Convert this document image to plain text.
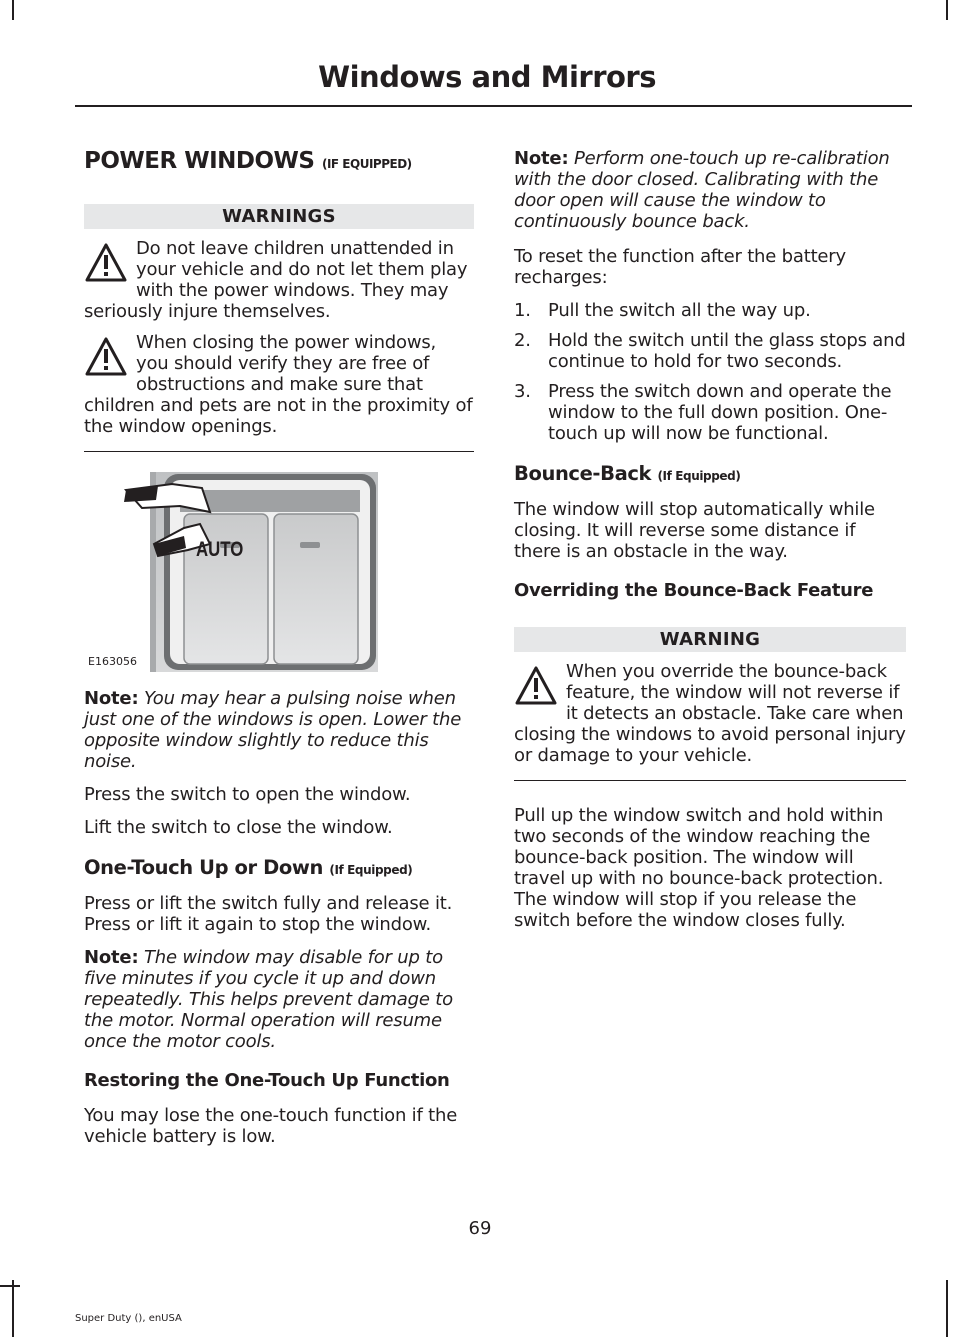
Windows and Mirrors
POWER WINDOWS (IF EQUIPPED)
WARNINGS

Do not leave children unattended in your vehicle and do not let them play with the power windows. They may seriously injure themselves.

When closing the power windows, you should verify they are free of obstructions and make sure that children and pets are not in the proximity of the window openings.

AUTO
E163056

Note: You may hear a pulsing noise when just one of the windows is open. Lower the opposite window slightly to reduce this noise.

Press the switch to open the window.

Lift the switch to close the window.

One-Touch Up or Down (If Equipped)

Press or lift the switch fully and release it. Press or lift it again to stop the window.

Note: The window may disable for up to five minutes if you cycle it up and down repeatedly. This helps prevent damage to the motor. Normal operation will resume once the motor cools.

Restoring the One-Touch Up Function

You may lose the one-touch function if the vehicle battery is low.

Note: Perform one-touch up re-calibration with the door closed. Calibrating with the door open will cause the window to continuously bounce back.

To reset the function after the battery recharges:

1. Pull the switch all the way up.
2. Hold the switch until the glass stops and continue to hold for two seconds.
3. Press the switch down and operate the window to the full down position. One-touch up will now be functional.
Bounce-Back (If Equipped)

The window will stop automatically while closing. It will reverse some distance if there is an obstacle in the way.

Overriding the Bounce-Back Feature
WARNING

When you override the bounce-back feature, the window will not reverse if it detects an obstacle. Take care when closing the windows to avoid personal injury or damage to your vehicle.

Pull up the window switch and hold within two seconds of the window reaching the bounce-back position. The window will travel up with no bounce-back protection. The window will stop if you release the switch before the window closes fully.

69
Super Duty (), enUSA
